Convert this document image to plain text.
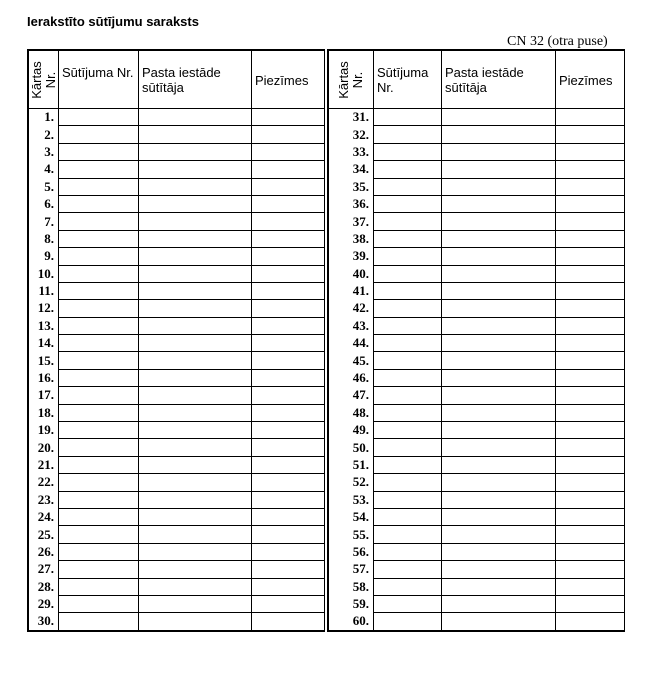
Ierakstīto sūtījumu saraksts
CN 32 (otra puse)
Kārtas Nr.	Sūtījuma Nr.	Pasta iestāde sūtītāja	Piezīmes
1.			
2.			
3.			
4.			
5.			
6.			
7.			
8.			
9.			
10.			
11.			
12.			
13.			
14.			
15.			
16.			
17.			
18.			
19.			
20.			
21.			
22.			
23.			
24.			
25.			
26.			
27.			
28.			
29.			
30.			
Kārtas Nr.	Sūtījuma Nr.	Pasta iestāde sūtītāja	Piezīmes
31.			
32.			
33.			
34.			
35.			
36.			
37.			
38.			
39.			
40.			
41.			
42.			
43.			
44.			
45.			
46.			
47.			
48.			
49.			
50.			
51.			
52.			
53.			
54.			
55.			
56.			
57.			
58.			
59.			
60.			
